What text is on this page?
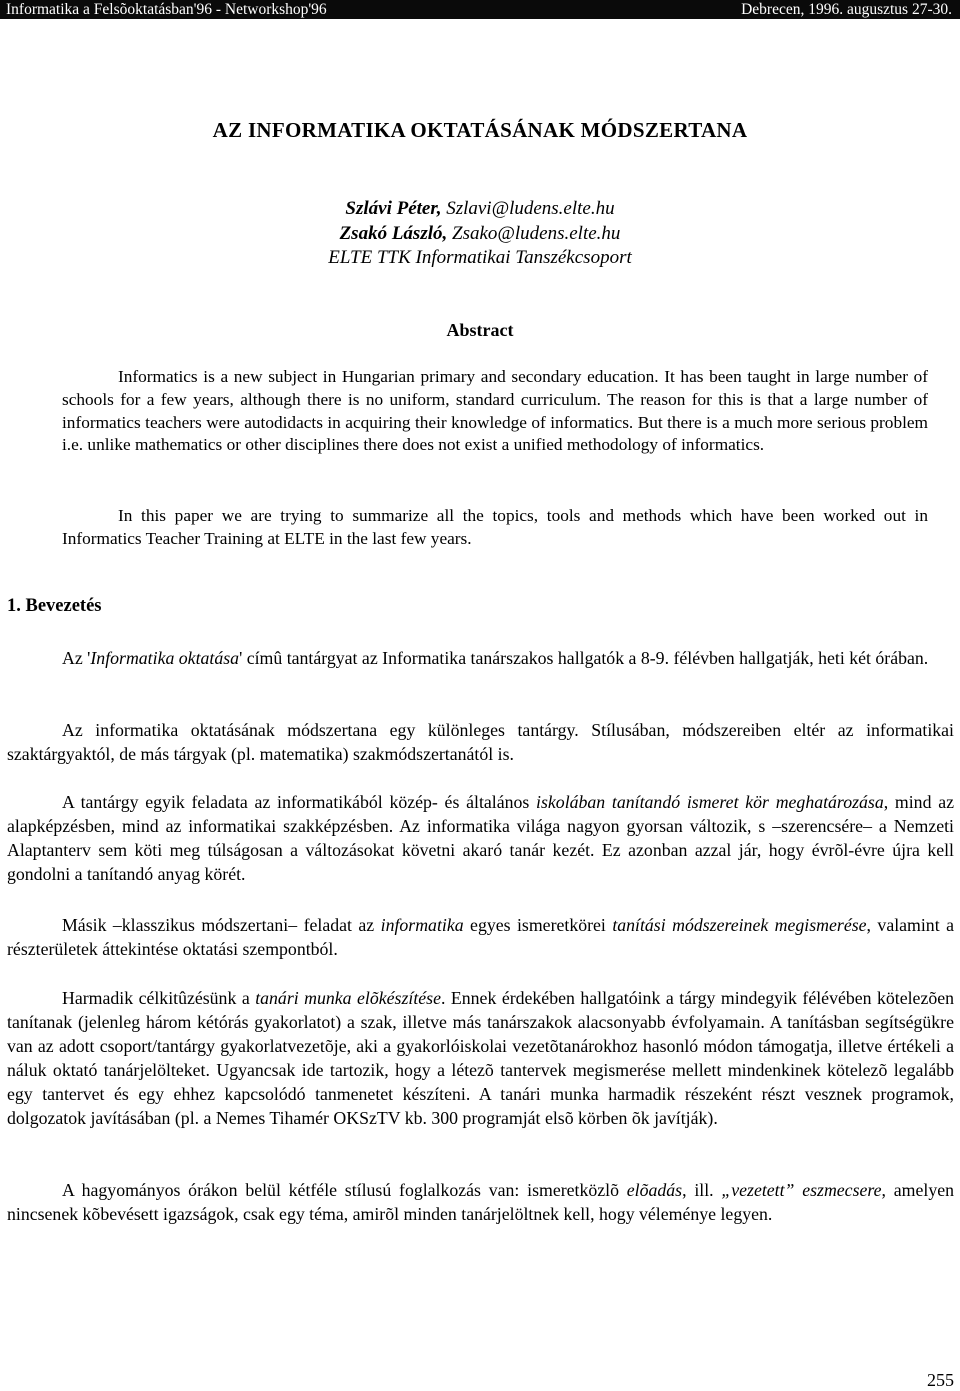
Informatika a Felsõoktatásban'96 - Networkshop'96	Debrecen, 1996. augusztus 27-30.
AZ INFORMATIKA OKTATÁSÁNAK MÓDSZERTANA
Szlávi Péter, Szlavi@ludens.elte.hu
Zsakó László, Zsako@ludens.elte.hu
ELTE TTK Informatikai Tanszékcsoport
Abstract

Informatics is a new subject in Hungarian primary and secondary education. It has been taught in large number of schools for a few years, although there is no uniform, standard curriculum. The reason for this is that a large number of informatics teachers were autodidacts in acquiring their knowledge of informatics. But there is a much more serious problem i.e. unlike mathematics or other disciplines there does not exist a unified methodology of informatics.

In this paper we are trying to summarize all the topics, tools and methods which have been worked out in Informatics Teacher Training at ELTE in the last few years.

1. Bevezetés

Az 'Informatika oktatása' címû tantárgyat az Informatika tanárszakos hallgatók a 8-9. félévben hallgatják, heti két órában.

Az informatika oktatásának módszertana egy különleges tantárgy. Stílusában, módszereiben eltér az informatikai szaktárgyaktól, de más tárgyak (pl. matematika) szakmódszertanától is.

A tantárgy egyik feladata az informatikából közép- és általános iskolában tanítandó ismeret kör meghatározása, mind az alapképzésben, mind az informatikai szakképzésben. Az informatika világa nagyon gyorsan változik, s –szerencsére– a Nemzeti Alaptanterv sem köti meg túlságosan a változásokat követni akaró tanár kezét. Ez azonban azzal jár, hogy évrõl-évre újra kell gondolni a tanítandó anyag körét.

Másik –klasszikus módszertani– feladat az informatika egyes ismeretkörei tanítási módszereinek megismerése, valamint a részterületek áttekintése oktatási szempontból.

Harmadik célkitûzésünk a tanári munka elõkészítése. Ennek érdekében hallgatóink a tárgy mindegyik félévében kötelezõen tanítanak (jelenleg három kétórás gyakorlatot) a szak, illetve más tanárszakok alacsonyabb évfolyamain. A tanításban segítségükre van az adott csoport/tantárgy gyakorlatvezetõje, aki a gyakorlóiskolai vezetõtanárokhoz hasonló módon támogatja, illetve értékeli a náluk oktató tanárjelölteket. Ugyancsak ide tartozik, hogy a létezõ tantervek megismerése mellett mindenkinek kötelezõ legalább egy tantervet és egy ehhez kapcsolódó tanmenetet készíteni. A tanári munka harmadik részeként részt vesznek programok, dolgozatok javításában (pl. a Nemes Tihamér OKSzTV kb. 300 programját elsõ körben õk javítják).

A hagyományos órákon belül kétféle stílusú foglalkozás van: ismeretközlõ elõadás, ill. „vezetett” eszmecsere, amelyen nincsenek kõbevésett igazságok, csak egy téma, amirõl minden tanárjelöltnek kell, hogy véleménye legyen.

255
